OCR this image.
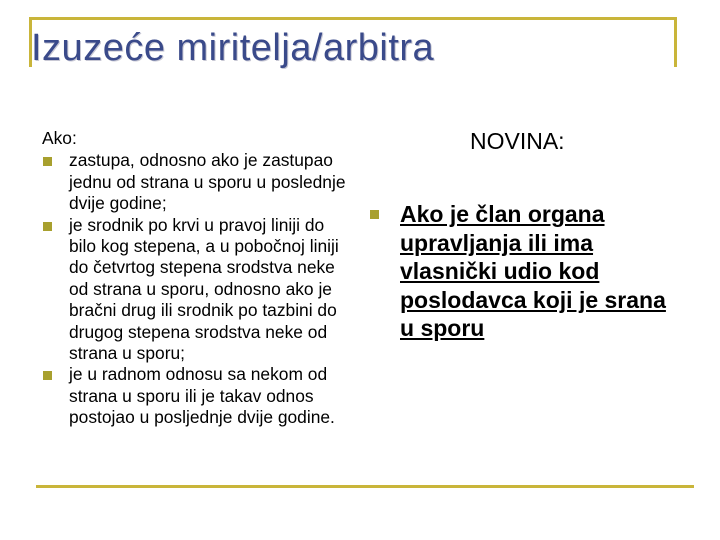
Izuzeće miritelja/arbitra
Ako:
zastupa, odnosno ako je zastupao jednu od strana u sporu u poslednje dvije godine;
je srodnik po krvi u pravoj liniji do bilo kog stepena, a u pobočnoj liniji do četvrtog stepena srodstva neke od strana u sporu, odnosno ako je bračni drug ili srodnik po tazbini do drugog stepena srodstva neke od strana u sporu;
je u radnom odnosu sa nekom od strana u sporu ili je takav odnos postojao u posljednje dvije godine.
NOVINA:
Ako je član organa upravljanja ili ima vlasnički udio kod poslodavca koji je srana u sporu
